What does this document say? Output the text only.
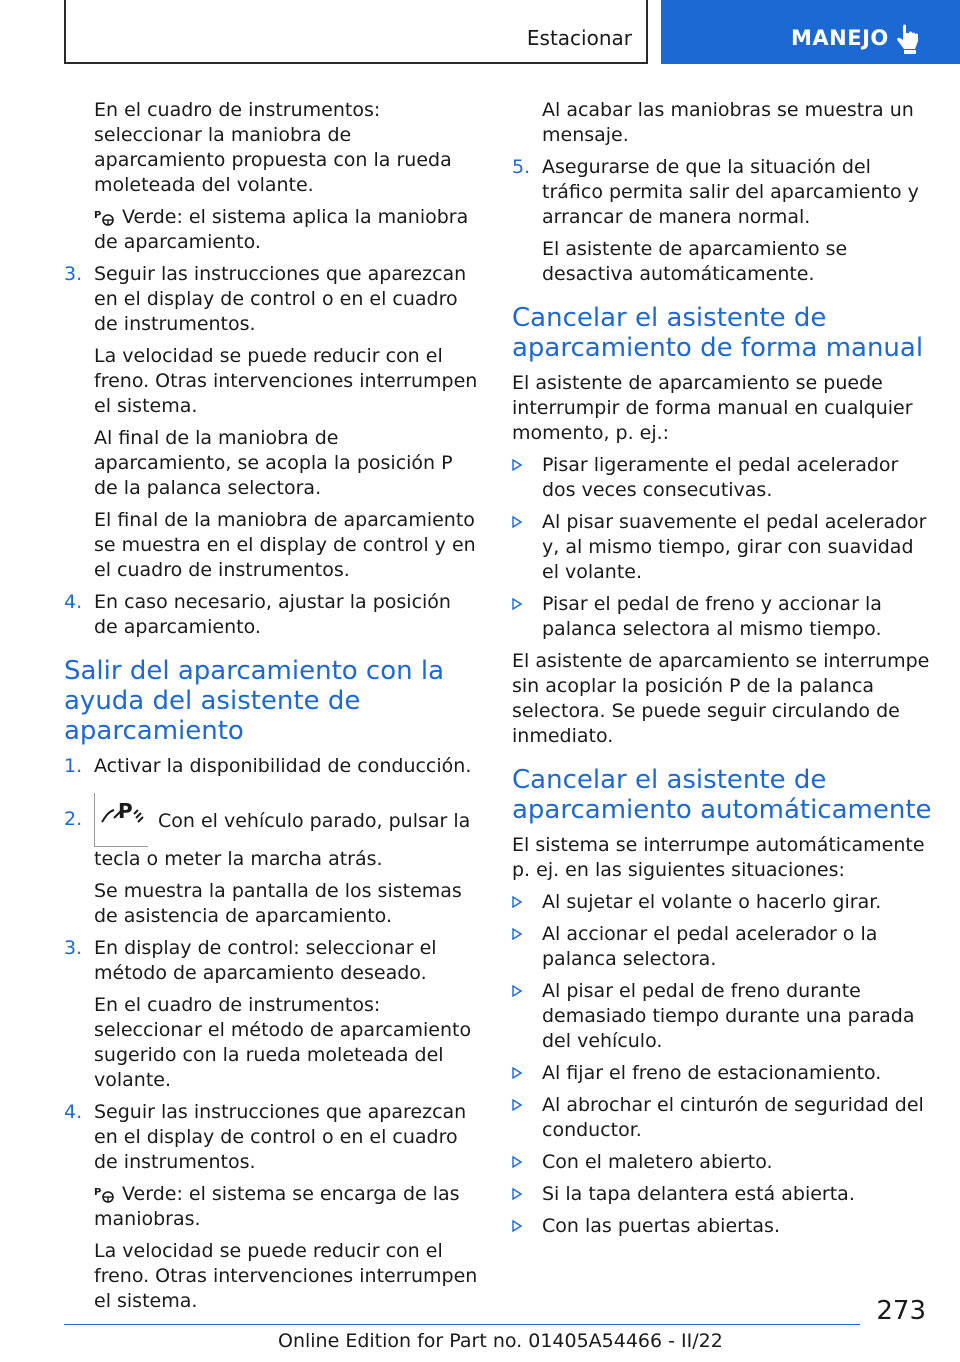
Estacionar	MANEJO
En el cuadro de instrumentos: seleccionar la maniobra de aparcamiento propuesta con la rueda moleteada del volante.
P Verde: el sistema aplica la maniobra de aparcamiento.
3. Seguir las instrucciones que aparezcan en el display de control o en el cuadro de instrumentos.
La velocidad se puede reducir con el freno. Otras intervenciones interrumpen el sistema.
Al final de la maniobra de aparcamiento, se acopla la posición P de la palanca selectora.
El final de la maniobra de aparcamiento se muestra en el display de control y en el cuadro de instrumentos.
4. En caso necesario, ajustar la posición de aparcamiento.
Salir del aparcamiento con la ayuda del asistente de aparcamiento
1. Activar la disponibilidad de conducción.
2. P Con el vehículo parado, pulsar la tecla o meter la marcha atrás.
Se muestra la pantalla de los sistemas de asistencia de aparcamiento.
3. En display de control: seleccionar el método de aparcamiento deseado.
En el cuadro de instrumentos: seleccionar el método de aparcamiento sugerido con la rueda moleteada del volante.
4. Seguir las instrucciones que aparezcan en el display de control o en el cuadro de instrumentos.
P Verde: el sistema se encarga de las maniobras.
La velocidad se puede reducir con el freno. Otras intervenciones interrumpen el sistema.
Al acabar las maniobras se muestra un mensaje.
5. Asegurarse de que la situación del tráfico permita salir del aparcamiento y arrancar de manera normal.
El asistente de aparcamiento se desactiva automáticamente.
Cancelar el asistente de aparcamiento de forma manual
El asistente de aparcamiento se puede interrumpir de forma manual en cualquier momento, p. ej.:
Pisar ligeramente el pedal acelerador dos veces consecutivas.
Al pisar suavemente el pedal acelerador y, al mismo tiempo, girar con suavidad el volante.
Pisar el pedal de freno y accionar la palanca selectora al mismo tiempo.
El asistente de aparcamiento se interrumpe sin acoplar la posición P de la palanca selectora. Se puede seguir circulando de inmediato.
Cancelar el asistente de aparcamiento automáticamente
El sistema se interrumpe automáticamente p. ej. en las siguientes situaciones:
Al sujetar el volante o hacerlo girar.
Al accionar el pedal acelerador o la palanca selectora.
Al pisar el pedal de freno durante demasiado tiempo durante una parada del vehículo.
Al fijar el freno de estacionamiento.
Al abrochar el cinturón de seguridad del conductor.
Con el maletero abierto.
Si la tapa delantera está abierta.
Con las puertas abiertas.
273
Online Edition for Part no. 01405A54466 - II/22
